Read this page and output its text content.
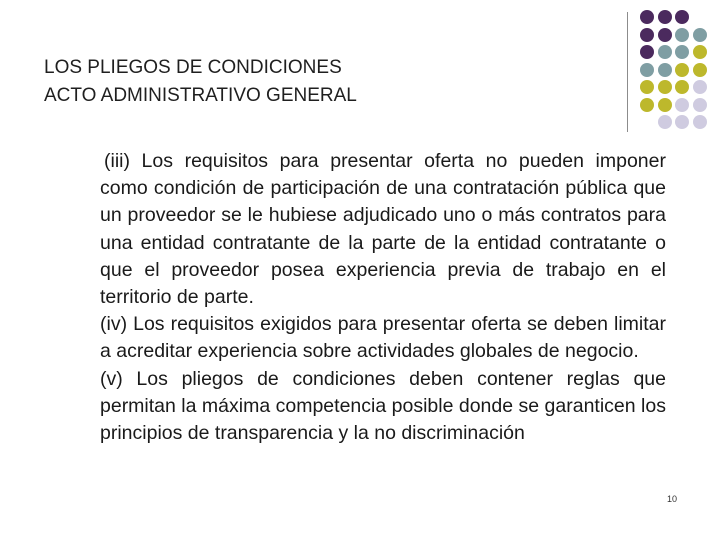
LOS PLIEGOS DE CONDICIONES
ACTO ADMINISTRATIVO GENERAL
(iii) Los requisitos para presentar oferta no pueden imponer como condición de participación de una contratación pública que un proveedor se le hubiese adjudicado uno o más contratos para una entidad contratante de la parte de la entidad contratante o que el proveedor posea experiencia previa de trabajo en el territorio de parte.
(iv) Los requisitos exigidos para presentar oferta se deben limitar a acreditar experiencia sobre actividades globales de negocio.
(v) Los pliegos de condiciones deben contener reglas que permitan la máxima competencia posible donde se garanticen los principios de transparencia y la no discriminación
10
